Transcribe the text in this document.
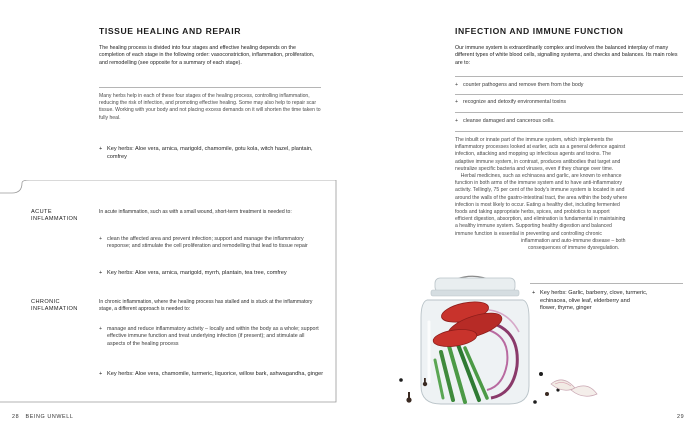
TISSUE HEALING AND REPAIR

The healing process is divided into four stages and effective healing depends on the completion of each stage in the following order: vasoconstriction, inflammation, proliferation, and remodelling (see opposite for a summary of each stage).

Many herbs help in each of these four stages of the healing process, controlling inflammation, reducing the risk of infection, and promoting effective healing. Some may also help to repair scar tissue. Working with your body and not placing excess demands on it will shorten the time taken to fully heal.

+ Key herbs: Aloe vera, arnica, marigold, chamomile, gotu kola, witch hazel, plantain, comfrey

ACUTE
INFLAMMATION

In acute inflammation, such as with a small wound, short-term treatment is needed to:

+ clean the affected area and prevent infection; support and manage the inflammatory response; and stimulate the cell proliferation and remodelling that lead to tissue repair

+ Key herbs: Aloe vera, arnica, marigold, myrrh, plantain, tea tree, comfrey

CHRONIC
INFLAMMATION

In chronic inflammation, where the healing process has stalled and is stuck at the inflammatory stage, a different approach is needed to:

+ manage and reduce inflammatory activity – locally and within the body as a whole; support effective immune function and treat underlying infection (if present); and stimulate all aspects of the healing process

+ Key herbs: Aloe vera, chamomile, turmeric, liquorice, willow bark, ashwagandha, ginger

28 BEING UNWELL
INFECTION AND IMMUNE FUNCTION

Our immune system is extraordinarily complex and involves the balanced interplay of many different types of white blood cells, signalling systems, and checks and balances. Its main roles are to:

+ counter pathogens and remove them from the body

+ recognize and detoxify environmental toxins

+ cleanse damaged and cancerous cells.

The inbuilt or innate part of the immune system, which implements the
inflammatory processes looked at earlier, acts as a general defence against
infection, attacking and mopping up infectious agents and toxins. The
adaptive immune system, in contrast, produces antibodies that target and
neutralize specific bacteria and viruses, even if they change over time.
Herbal medicines, such as echinacea and garlic, are known to enhance
function in both arms of the immune system and to have anti-inflammatory
activity. Tellingly, 75 per cent of the body's immune system is located in and
around the walls of the gastro-intestinal tract, the area within the body where
infection is most likely to occur. Eating a healthy diet, including fermented
foods and taking appropriate herbs, spices, and probiotics to support
efficient digestion, absorption, and elimination is fundamental in maintaining
a healthy immune system. Supporting healthy digestion and balanced
immune function is essential in preventing and controlling chronic
inflammation and auto-immune disease – both
consequences of immune dysregulation.
+ Key herbs: Garlic, barberry, clove, turmeric,
echinacea, olive leaf, elderberry and
flower, thyme, ginger
29
